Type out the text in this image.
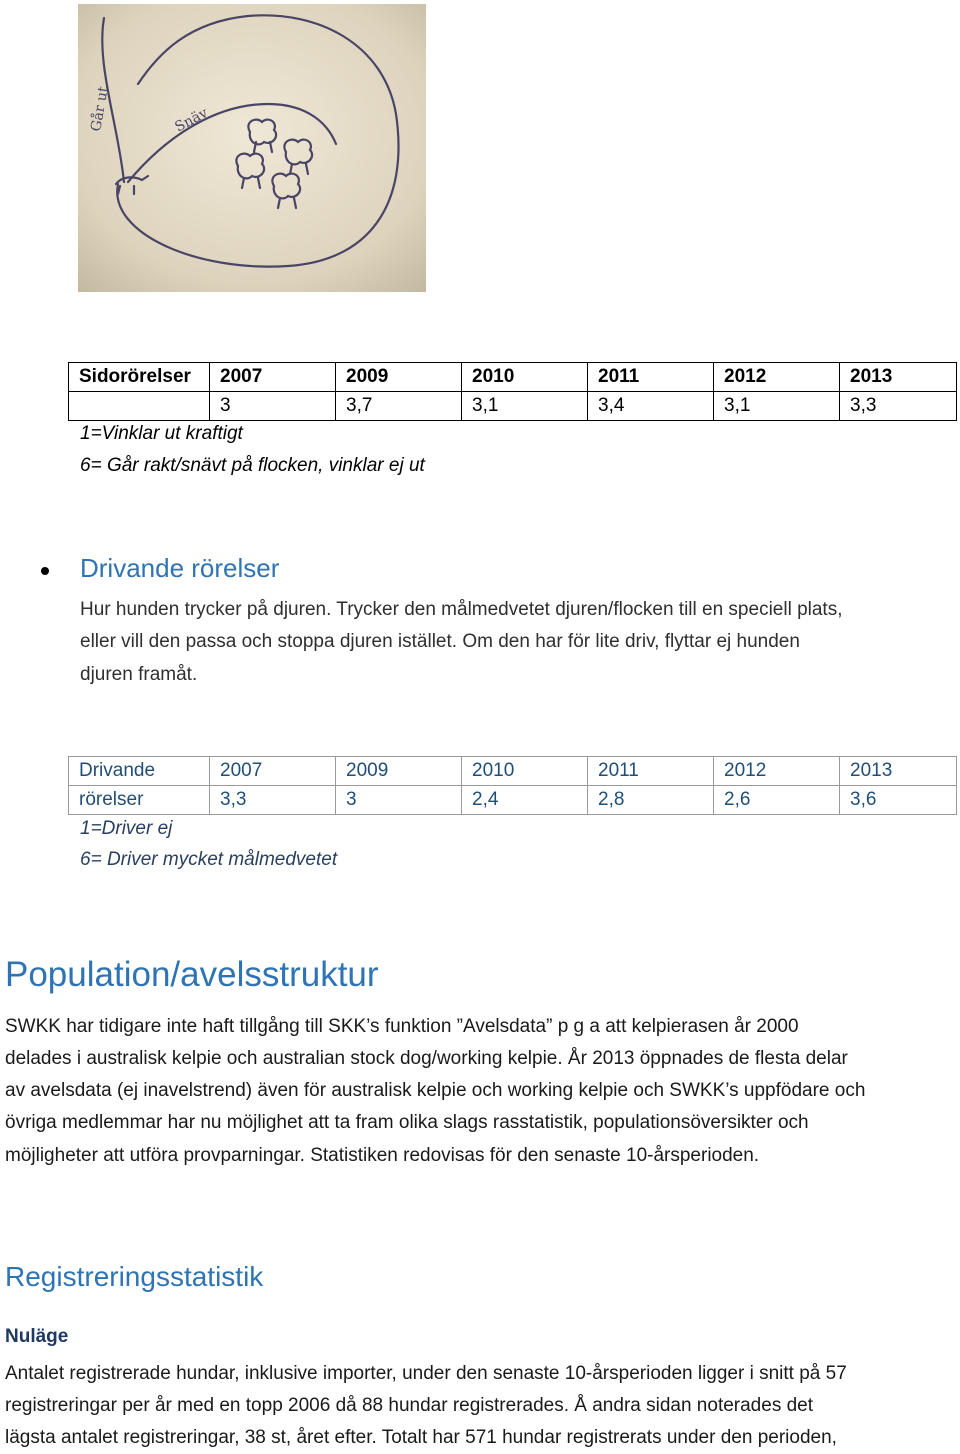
Går ut	Snäv
Sidorörelser	2007	2009	2010	2011	2012	2013
	3	3,7	3,1	3,4	3,1	3,3
1=Vinklar ut kraftigt
6= Går rakt/snävt på flocken, vinklar ej ut
Drivande rörelser
Hur hunden trycker på djuren. Trycker den målmedvetet djuren/flocken till en speciell plats,
eller vill den passa och stoppa djuren istället. Om den har för lite driv, flyttar ej hunden
djuren framåt.
Drivande	2007	2009	2010	2011	2012	2013
rörelser	3,3	3	2,4	2,8	2,6	3,6
1=Driver ej
6= Driver mycket målmedvetet
Population/avelsstruktur
SWKK har tidigare inte haft tillgång till SKK’s funktion ”Avelsdata” p g a att kelpierasen år 2000
delades i australisk kelpie och australian stock dog/working kelpie. År 2013 öppnades de flesta delar
av avelsdata (ej inavelstrend) även för australisk kelpie och working kelpie och SWKK’s uppfödare och
övriga medlemmar har nu möjlighet att ta fram olika slags rasstatistik, populationsöversikter och
möjligheter att utföra provparningar. Statistiken redovisas för den senaste 10-årsperioden.
Registreringsstatistik
Nuläge
Antalet registrerade hundar, inklusive importer, under den senaste 10-årsperioden ligger i snitt på 57
registreringar per år med en topp 2006 då 88 hundar registrerades. Å andra sidan noterades det
lägsta antalet registreringar, 38 st, året efter. Totalt har 571 hundar registrerats under den perioden,
